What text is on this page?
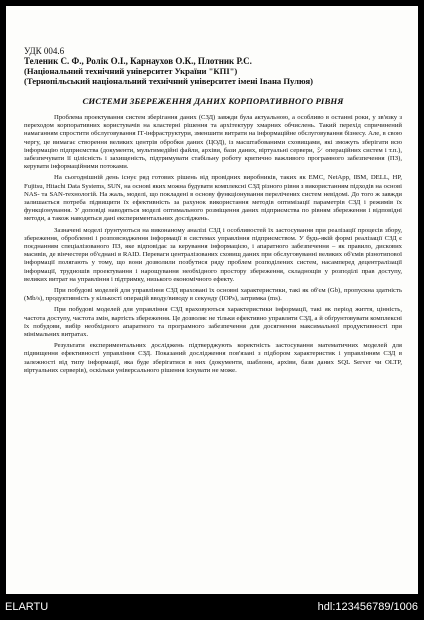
УДК 004.6
Теленик С. Ф., Ролік О.І., Карнаухов О.К., Плотник Р.С.
(Національний технічний університет України "КПІ")
(Тернопільський національний технічний університет імені Івана Пулюя)
СИСТЕМИ ЗБЕРЕЖЕННЯ ДАНИХ КОРПОРАТИВНОГО РІВНЯ

Проблема проектування систем зберігання даних (СЗД) завжди була актуальною, а особливо в останні роки, у зв'язку з переходом корпоративних користувачів на кластерні рішення та архітектуру хмарних обчислень. Такий перехід спричинений намаганням спростити обслуговування ІТ-інфраструктури, зменшити витрати на інформаційне обслуговування бізнесу. Але, в свою чергу, це вимагає створення великих центрів обробки даних (ЦОД), із масштабованими сховищами, які зможуть зберігати всю інформацію підприємства (документи, мультимедійні файли, архіви, бази даних, віртуальні сервери, シ операційних систем і т.п.), забезпечувати її цілісність і захищеність, підтримувати стабільну роботу критично важливого програмного забезпечення (ПЗ), керувати інформаційними потоками.

На сьогоднішній день існує ряд готових рішень від провідних виробників, таких як EMC, NetApp, IBM, DELL, HP, Fujitsu, Hitachi Data Systems, SUN, на основі яких можна будувати комплексні СЗД різного рівня з використанням підходів на основі NAS- та SAN-технологій. На жаль, моделі, що покладені в основу функціонування перелічених систем невідомі. До того ж завжди залишається потреба підвищити їх ефективність за рахунок використання методів оптимізації параметрів СЗД і режимів їх функціонування. У доповіді наводяться моделі оптимального розміщення даних підприємства по рівням збереження і відповідні методи, а також наводяться дані експериментальних досліджень.

Зазначені моделі ґрунтуються на виконаному аналізі СЗД і особливостей їх застосування при реалізації процесів збору, збереження, обробленні і розповсюдження інформації в системах управління підприємством. У будь-якій формі реалізації СЗД є поєднанням спеціалізованого ПЗ, яке відповідає за керування інформацією, і апаратного забезпечення – як правило, дискових масивів, де вінчестери об'єднані в RAID. Переваги централізованих сховищ даних при обслуговуванні великих об'ємів різнотипової інформації полягають у тому, що вони дозволили позбутися ряду проблем розподілених систем, насамперед децентралізації інформації, трудношів проектування і нарощування необхідного простору збереження, складнощів у розподілі прав доступу, великих витрат на управління і підтримку, низького економічного ефекту.

При побудові моделей для управління СЗД враховані їх основні характеристики, такі як об'єм (Gb), пропускна здатність (Mb/s), продуктивність у кількості операцій вводу/виводу в секунду (IOPs), затримка (ms).

При побудові моделей для управління СЗД враховуються характеристики інформації, такі як період життя, цінність, частота доступу, частота змін, вартість збереження. Це дозволяє не тільки ефективно управляти СЗД, а й обґрунтовувати комплексні їх побудови, вибір необхідного апаратного та програмного забезпечення для досягнення максимальної продуктивності при мінімальних витратах.

Результати експериментальних досліджень підтверджують коректність застосування математичних моделей для підвищення ефективності управління СЗД. Показаний дослідження пов'язані з підбором характеристик і управлінням СЗД в залежності від типу інформації, яка буде зберігатися в них (документи, шаблони, архіви, бази даних SQL Server чи OLTP, віртуальних серверів), оскільки універсального рішення існувати не може.

ELARTU	hdl:123456789/1006
